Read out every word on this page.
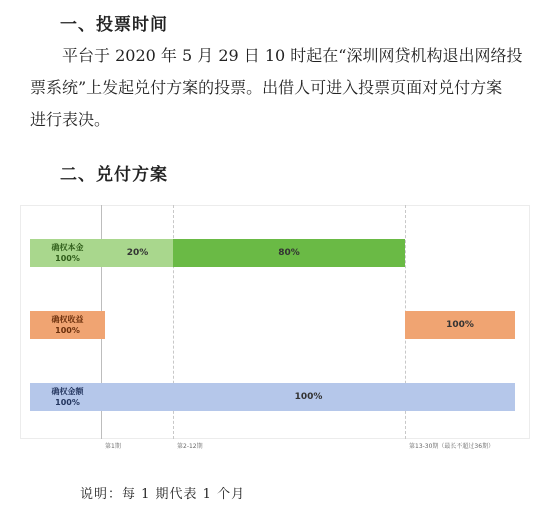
一、投票时间
平台于 2020 年 5 月 29 日 10 时起在“深圳网贷机构退出网络投
票系统”上发起兑付方案的投票。出借人可进入投票页面对兑付方案
进行表决。
二、兑付方案
确权本金
100%
20%	80%
确权收益
100%
100%
确权金额
100%
100%
第1期	第2-12期	第13-30期（最长不超过36期）
说明：每 1 期代表 1 个月
